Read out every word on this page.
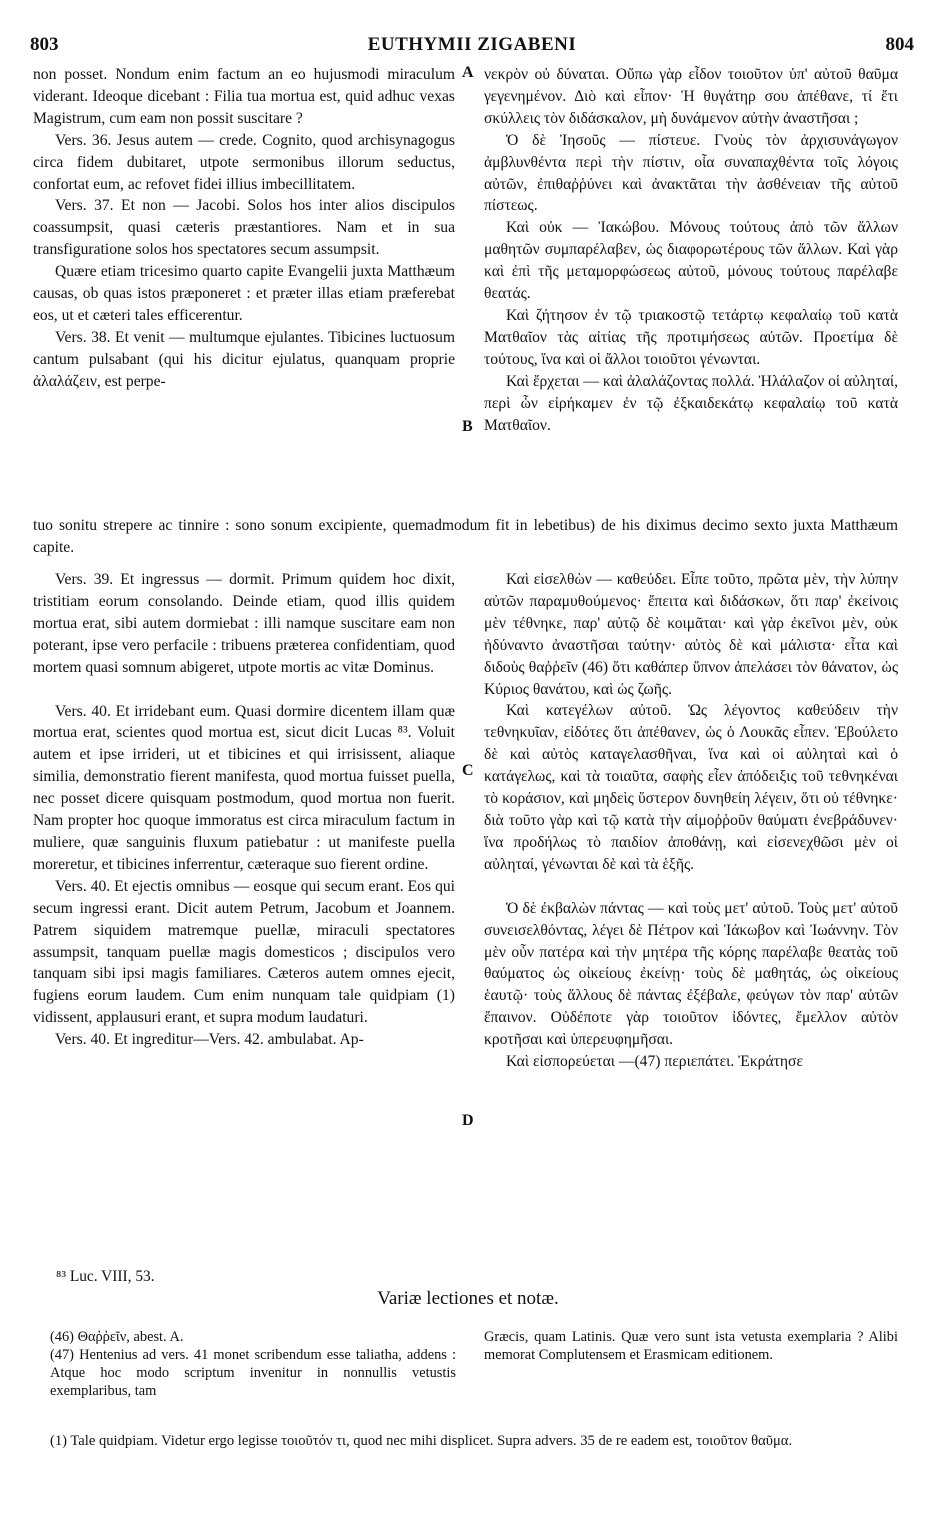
803	EUTHYMII ZIGABENI	804

non posset. Nondum enim factum an eo hujusmodi miraculum viderant. Ideoque dicebant : Filia tua mortua est, quid adhuc vexas Magistrum, cum eam non possit suscitare ?

Vers. 36. Jesus autem — crede. Cognito, quod archisynagogus circa fidem dubitaret, utpote sermonibus illorum seductus, confortat eum, ac refovet fidei illius imbecillitatem.

Vers. 37. Et non — Jacobi. Solos hos inter alios discipulos coassumpsit, quasi cæteris præstantiores. Nam et in sua transfiguratione solos hos spectatores secum assumpsit.

Quære etiam tricesimo quarto capite Evangelii juxta Matthæum causas, ob quas istos præponeret : et præter illas etiam præferebat eos, ut et cæteri tales efficerentur.

Vers. 38. Et venit — multumque ejulantes. Tibicines luctuosum cantum pulsabant (qui his dicitur ejulatus, quanquam proprie ἀλαλάζειν, est perpe-

νεκρὸν οὐ δύναται. Οὔπω γὰρ εἶδον τοιοῦτον ὑπ' αὐτοῦ θαῦμα γεγενημένον. Διὸ καὶ εἶπον· Ἡ θυγάτηρ σου ἀπέθανε, τί ἔτι σκύλλεις τὸν διδάσκαλον, μὴ δυνάμενον αὐτὴν ἀναστῆσαι ;

Ὁ δὲ Ἰησοῦς — πίστευε. Γνοὺς τὸν ἀρχισυνάγωγον ἀμβλυνθέντα περὶ τὴν πίστιν, οἷα συναπαχθέντα τοῖς λόγοις αὐτῶν, ἐπιθαῤῥύνει καὶ ἀνακτᾶται τὴν ἀσθένειαν τῆς αὐτοῦ πίστεως.

Καὶ οὐκ — Ἰακώβου. Μόνους τούτους ἀπὸ τῶν ἄλλων μαθητῶν συμπαρέλαβεν, ὡς διαφορωτέρους τῶν ἄλλων. Καὶ γὰρ καὶ ἐπὶ τῆς μεταμορφώσεως αὐτοῦ, μόνους τούτους παρέλαβε θεατάς.

Καὶ ζήτησον ἐν τῷ τριακοστῷ τετάρτῳ κεφαλαίῳ τοῦ κατὰ Ματθαῖον τὰς αἰτίας τῆς προτιμήσεως αὐτῶν. Προετίμα δὲ τούτους, ἵνα καὶ οἱ ἄλλοι τοιοῦτοι γένωνται.

Καὶ ἔρχεται — καὶ ἀλαλάζοντας πολλά. Ἠλάλαζον οἱ αὐληταί, περὶ ὧν εἰρήκαμεν ἐν τῷ ἐξκαιδεκάτῳ κεφαλαίῳ τοῦ κατὰ Ματθαῖον.

A
B
C
D
tuo sonitu strepere ac tinnire : sono sonum excipiente, quemadmodum fit in lebetibus) de his diximus decimo sexto juxta Matthæum capite.

Vers. 39. Et ingressus — dormit. Primum quidem hoc dixit, tristitiam eorum consolando. Deinde etiam, quod illis quidem mortua erat, sibi autem dormiebat : illi namque suscitare eam non poterant, ipse vero perfacile : tribuens præterea confidentiam, quod mortem quasi somnum abigeret, utpote mortis ac vitæ Dominus.

Vers. 40. Et irridebant eum. Quasi dormire dicentem illam quæ mortua erat, scientes quod mortua est, sicut dicit Lucas ⁸³. Voluit autem et ipse irrideri, ut et tibicines et qui irrisissent, aliaque similia, demonstratio fierent manifesta, quod mortua fuisset puella, nec posset dicere quisquam postmodum, quod mortua non fuerit. Nam propter hoc quoque immoratus est circa miraculum factum in muliere, quæ sanguinis fluxum patiebatur : ut manifeste puella moreretur, et tibicines inferrentur, cæteraque suo fierent ordine.

Vers. 40. Et ejectis omnibus — eosque qui secum erant. Eos qui secum ingressi erant. Dicit autem Petrum, Jacobum et Joannem. Patrem siquidem matremque puellæ, miraculi spectatores assumpsit, tanquam puellæ magis domesticos ; discipulos vero tanquam sibi ipsi magis familiares. Cæteros autem omnes ejecit, fugiens eorum laudem. Cum enim nunquam tale quidpiam (1) vidissent, applausuri erant, et supra modum laudaturi.

Vers. 40. Et ingreditur—Vers. 42. ambulabat. Ap-

Καὶ εἰσελθὼν — καθεύδει. Εἶπε τοῦτο, πρῶτα μὲν, τὴν λύπην αὐτῶν παραμυθούμενος· ἔπειτα καὶ διδάσκων, ὅτι παρ' ἐκείνοις μὲν τέθνηκε, παρ' αὐτῷ δὲ κοιμᾶται· καὶ γὰρ ἐκεῖνοι μὲν, οὐκ ἠδύναντο ἀναστῆσαι ταύτην· αὐτὸς δὲ καὶ μάλιστα· εἶτα καὶ διδοὺς θαῤῥεῖν (46) ὅτι καθάπερ ὕπνον ἀπελάσει τὸν θάνατον, ὡς Κύριος θανάτου, καὶ ὡς ζωῆς.

Καὶ κατεγέλων αὐτοῦ. Ὡς λέγοντος καθεύδειν τὴν τεθνηκυῖαν, εἰδότες ὅτι ἀπέθανεν, ὡς ὁ Λουκᾶς εἶπεν. Ἐβούλετο δὲ καὶ αὐτὸς καταγελασθῆναι, ἵνα καὶ οἱ αὐληταὶ καὶ ὁ κατάγελως, καὶ τὰ τοιαῦτα, σαφὴς εἶεν ἀπόδειξις τοῦ τεθνηκέναι τὸ κοράσιον, καὶ μηδεὶς ὕστερον δυνηθείη λέγειν, ὅτι οὐ τέθνηκε· διὰ τοῦτο γὰρ καὶ τῷ κατὰ τὴν αἱμοῤῥοῦν θαύματι ἐνεβράδυνεν· ἵνα προδήλως τὸ παιδίον ἀποθάνῃ, καὶ εἰσενεχθῶσι μὲν οἱ αὐληταί, γένωνται δὲ καὶ τὰ ἑξῆς.

Ὁ δὲ ἐκβαλὼν πάντας — καὶ τοὺς μετ' αὐτοῦ. Τοὺς μετ' αὐτοῦ συνεισελθόντας, λέγει δὲ Πέτρον καὶ Ἰάκωβον καὶ Ἰωάννην. Τὸν μὲν οὖν πατέρα καὶ τὴν μητέρα τῆς κόρης παρέλαβε θεατὰς τοῦ θαύματος ὡς οἰκείους ἐκείνῃ· τοὺς δὲ μαθητάς, ὡς οἰκείους ἑαυτῷ· τοὺς ἄλλους δὲ πάντας ἐξέβαλε, φεύγων τὸν παρ' αὐτῶν ἔπαινον. Οὐδέποτε γὰρ τοιοῦτον ἰδόντες, ἔμελλον αὐτὸν κροτῆσαι καὶ ὑπερευφημῆσαι.

Καὶ εἰσπορεύεται —(47) περιεπάτει. Ἐκράτησε

⁸³ Luc. VIII, 53.
Variæ lectiones et notæ.

(46) Θαῤῥεῖν, abest. A.

(47) Hentenius ad vers. 41 monet scribendum esse taliatha, addens : Atque hoc modo scriptum invenitur in nonnullis vetustis exemplaribus, tam

Græcis, quam Latinis. Quæ vero sunt ista vetusta exemplaria ? Alibi memorat Complutensem et Erasmicam editionem.

(1) Tale quidpiam. Videtur ergo legisse τοιοῦτόν τι, quod nec mihi displicet. Supra advers. 35 de re eadem est, τοιοῦτον θαῦμα.
